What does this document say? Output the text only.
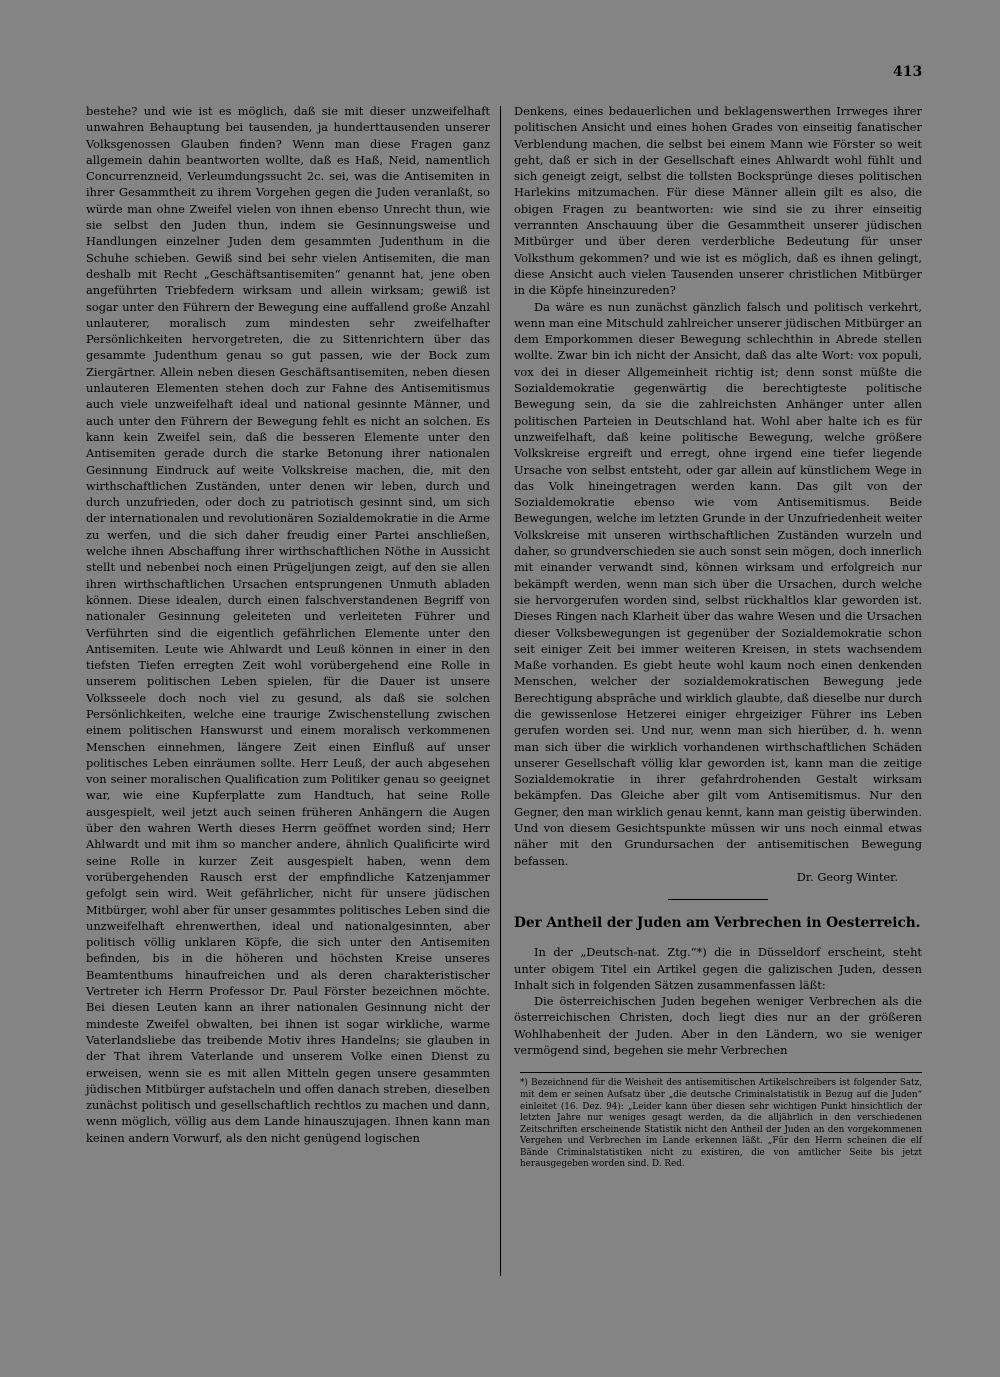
413

bestehe? und wie ist es möglich, daß sie mit dieser unzweifelhaft unwahren Behauptung bei tausenden, ja hunderttausenden unserer Volksgenossen Glauben finden? Wenn man diese Fragen ganz allgemein dahin beantworten wollte, daß es Haß, Neid, namentlich Concurrenzneid, Verleumdungssucht 2c. sei, was die Antisemiten in ihrer Gesammtheit zu ihrem Vorgehen gegen die Juden veranlaßt, so würde man ohne Zweifel vielen von ihnen ebenso Unrecht thun, wie sie selbst den Juden thun, indem sie Gesinnungsweise und Handlungen einzelner Juden dem gesammten Judenthum in die Schuhe schieben. Gewiß sind bei sehr vielen Antisemiten, die man deshalb mit Recht „Geschäftsantisemiten“ genannt hat, jene oben angeführten Triebfedern wirksam und allein wirksam; gewiß ist sogar unter den Führern der Bewegung eine auffallend große Anzahl unlauterer, moralisch zum mindesten sehr zweifelhafter Persönlichkeiten hervorgetreten, die zu Sittenrichtern über das gesammte Judenthum genau so gut passen, wie der Bock zum Ziergärtner. Allein neben diesen Geschäftsantisemiten, neben diesen unlauteren Elementen stehen doch zur Fahne des Antisemitismus auch viele unzweifelhaft ideal und national gesinnte Männer, und auch unter den Führern der Bewegung fehlt es nicht an solchen. Es kann kein Zweifel sein, daß die besseren Elemente unter den Antisemiten gerade durch die starke Betonung ihrer nationalen Gesinnung Eindruck auf weite Volkskreise machen, die, mit den wirthschaftlichen Zuständen, unter denen wir leben, durch und durch unzufrieden, oder doch zu patriotisch gesinnt sind, um sich der internationalen und revolutionären Sozialdemokratie in die Arme zu werfen, und die sich daher freudig einer Partei anschließen, welche ihnen Abschaffung ihrer wirthschaftlichen Nöthe in Aussicht stellt und nebenbei noch einen Prügeljungen zeigt, auf den sie allen ihren wirthschaftlichen Ursachen entsprungenen Unmuth abladen können. Diese idealen, durch einen falschverstandenen Begriff von nationaler Gesinnung geleiteten und verleiteten Führer und Verführten sind die eigentlich gefährlichen Elemente unter den Antisemiten. Leute wie Ahlwardt und Leuß können in einer in den tiefsten Tiefen erregten Zeit wohl vorübergehend eine Rolle in unserem politischen Leben spielen, für die Dauer ist unsere Volksseele doch noch viel zu gesund, als daß sie solchen Persönlichkeiten, welche eine traurige Zwischenstellung zwischen einem politischen Hanswurst und einem moralisch verkommenen Menschen einnehmen, längere Zeit einen Einfluß auf unser politisches Leben einräumen sollte. Herr Leuß, der auch abgesehen von seiner moralischen Qualification zum Politiker genau so geeignet war, wie eine Kupferplatte zum Handtuch, hat seine Rolle ausgespielt, weil jetzt auch seinen früheren Anhängern die Augen über den wahren Werth dieses Herrn geöffnet worden sind; Herr Ahlwardt und mit ihm so mancher andere, ähnlich Qualificirte wird seine Rolle in kurzer Zeit ausgespielt haben, wenn dem vorübergehenden Rausch erst der empfindliche Katzenjammer gefolgt sein wird. Weit gefährlicher, nicht für unsere jüdischen Mitbürger, wohl aber für unser gesammtes politisches Leben sind die unzweifelhaft ehrenwerthen, ideal und nationalgesinnten, aber politisch völlig unklaren Köpfe, die sich unter den Antisemiten befinden, bis in die höheren und höchsten Kreise unseres Beamtenthums hinaufreichen und als deren charakteristischer Vertreter ich Herrn Professor Dr. Paul Förster bezeichnen möchte. Bei diesen Leuten kann an ihrer nationalen Gesinnung nicht der mindeste Zweifel obwalten, bei ihnen ist sogar wirkliche, warme Vaterlandsliebe das treibende Motiv ihres Handelns; sie glauben in der That ihrem Vaterlande und unserem Volke einen Dienst zu erweisen, wenn sie es mit allen Mitteln gegen unsere gesammten jüdischen Mitbürger aufstacheln und offen danach streben, dieselben zunächst politisch und gesellschaftlich rechtlos zu machen und dann, wenn möglich, völlig aus dem Lande hinauszujagen. Ihnen kann man keinen andern Vorwurf, als den nicht genügend logischen

Denkens, eines bedauerlichen und beklagenswerthen Irrweges ihrer politischen Ansicht und eines hohen Grades von einseitig fanatischer Verblendung machen, die selbst bei einem Mann wie Förster so weit geht, daß er sich in der Gesellschaft eines Ahlwardt wohl fühlt und sich geneigt zeigt, selbst die tollsten Bocksprünge dieses politischen Harlekins mitzumachen. Für diese Männer allein gilt es also, die obigen Fragen zu beantworten: wie sind sie zu ihrer einseitig verrannten Anschauung über die Gesammtheit unserer jüdischen Mitbürger und über deren verderbliche Bedeutung für unser Volksthum gekommen? und wie ist es möglich, daß es ihnen gelingt, diese Ansicht auch vielen Tausenden unserer christlichen Mitbürger in die Köpfe hineinzureden?

Da wäre es nun zunächst gänzlich falsch und politisch verkehrt, wenn man eine Mitschuld zahlreicher unserer jüdischen Mitbürger an dem Emporkommen dieser Bewegung schlechthin in Abrede stellen wollte. Zwar bin ich nicht der Ansicht, daß das alte Wort: vox populi, vox dei in dieser Allgemeinheit richtig ist; denn sonst müßte die Sozialdemokratie gegenwärtig die berechtigteste politische Bewegung sein, da sie die zahlreichsten Anhänger unter allen politischen Parteien in Deutschland hat. Wohl aber halte ich es für unzweifelhaft, daß keine politische Bewegung, welche größere Volkskreise ergreift und erregt, ohne irgend eine tiefer liegende Ursache von selbst entsteht, oder gar allein auf künstlichem Wege in das Volk hineingetragen werden kann. Das gilt von der Sozialdemokratie ebenso wie vom Antisemitismus. Beide Bewegungen, welche im letzten Grunde in der Unzufriedenheit weiter Volkskreise mit unseren wirthschaftlichen Zuständen wurzeln und daher, so grundverschieden sie auch sonst sein mögen, doch innerlich mit einander verwandt sind, können wirksam und erfolgreich nur bekämpft werden, wenn man sich über die Ursachen, durch welche sie hervorgerufen worden sind, selbst rückhaltlos klar geworden ist. Dieses Ringen nach Klarheit über das wahre Wesen und die Ursachen dieser Volksbewegungen ist gegenüber der Sozialdemokratie schon seit einiger Zeit bei immer weiteren Kreisen, in stets wachsendem Maße vorhanden. Es giebt heute wohl kaum noch einen denkenden Menschen, welcher der sozialdemokratischen Bewegung jede Berechtigung absprāche und wirklich glaubte, daß dieselbe nur durch die gewissenlose Hetzerei einiger ehrgeiziger Führer ins Leben gerufen worden sei. Und nur, wenn man sich hierüber, d. h. wenn man sich über die wirklich vorhandenen wirthschaftlichen Schäden unserer Gesellschaft völlig klar geworden ist, kann man die zeitige Sozialdemokratie in ihrer gefahrdrohenden Gestalt wirksam bekämpfen. Das Gleiche aber gilt vom Antisemitismus. Nur den Gegner, den man wirklich genau kennt, kann man geistig überwinden. Und von diesem Gesichtspunkte müssen wir uns noch einmal etwas näher mit den Grundursachen der antisemitischen Bewegung befassen.

Dr. Georg Winter.

Der Antheil der Juden am Verbrechen in Oesterreich.

In der „Deutsch-nat. Ztg.“*) die in Düsseldorf erscheint, steht unter obigem Titel ein Artikel gegen die galizischen Juden, dessen Inhalt sich in folgenden Sätzen zusammenfassen läßt:

Die österreichischen Juden begehen weniger Verbrechen als die österreichischen Christen, doch liegt dies nur an der größeren Wohlhabenheit der Juden. Aber in den Ländern, wo sie weniger vermögend sind, begehen sie mehr Verbrechen

*) Bezeichnend für die Weisheit des antisemitischen Artikelschreibers ist folgender Satz, mit dem er seinen Aufsatz über „die deutsche Criminalstatistik in Bezug auf die Juden“ einleitet (16. Dez. 94): „Leider kann über diesen sehr wichtigen Punkt hinsichtlich der letzten Jahre nur weniges gesagt werden, da die alljährlich in den verschiedenen Zeitschriften erscheinende Statistik nicht den Antheil der Juden an den vorgekommenen Vergehen und Verbrechen im Lande erkennen läßt. „Für den Herrn scheinen die elf Bände Criminalstatistiken nicht zu existiren, die von amtlicher Seite bis jetzt herausgegeben worden sind. D. Red.
